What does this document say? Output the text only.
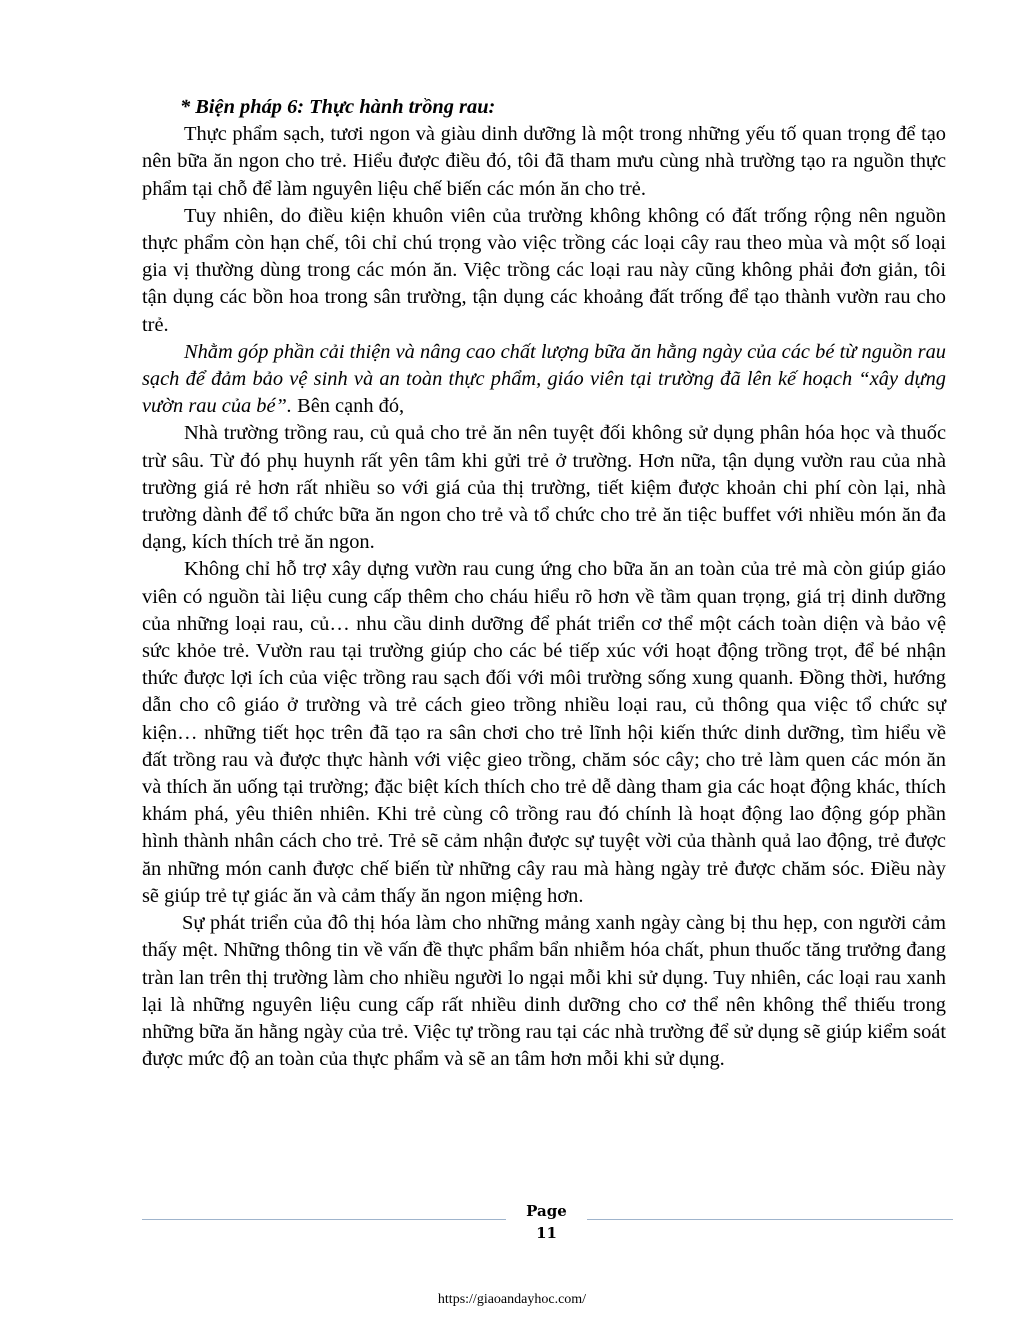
* Biện pháp 6: Thực hành trồng rau:

Thực phẩm sạch, tươi ngon và giàu dinh dưỡng là một trong những yếu tố quan trọng để tạo nên bữa ăn ngon cho trẻ. Hiểu được điều đó, tôi đã tham mưu cùng nhà trường tạo ra nguồn thực phẩm tại chỗ để làm nguyên liệu chế biến các món ăn cho trẻ.

Tuy nhiên, do điều kiện khuôn viên của trường không không có đất trống rộng nên nguồn thực phẩm còn hạn chế, tôi chỉ chú trọng vào việc trồng các loại cây rau theo mùa và một số loại gia vị thường dùng trong các món ăn. Việc trồng các loại rau này cũng không phải đơn giản, tôi tận dụng các bồn hoa trong sân trường, tận dụng các khoảng đất trống để tạo thành vườn rau cho trẻ.

Nhằm góp phần cải thiện và nâng cao chất lượng bữa ăn hằng ngày của các bé từ nguồn rau sạch để đảm bảo vệ sinh và an toàn thực phẩm, giáo viên tại trường đã lên kế hoạch “xây dựng vườn rau của bé”. Bên cạnh đó,

Nhà trường trồng rau, củ quả cho trẻ ăn nên tuyệt đối không sử dụng phân hóa học và thuốc trừ sâu. Từ đó phụ huynh rất yên tâm khi gửi trẻ ở trường. Hơn nữa, tận dụng vườn rau của nhà trường giá rẻ hơn rất nhiều so với giá của thị trường, tiết kiệm được khoản chi phí còn lại, nhà trường dành để tổ chức bữa ăn ngon cho trẻ và tổ chức cho trẻ ăn tiệc buffet với nhiều món ăn đa dạng, kích thích trẻ ăn ngon.

Không chỉ hỗ trợ xây dựng vườn rau cung ứng cho bữa ăn an toàn của trẻ mà còn giúp giáo viên có nguồn tài liệu cung cấp thêm cho cháu hiểu rõ hơn về tầm quan trọng, giá trị dinh dưỡng của những loại rau, củ… nhu cầu dinh dưỡng để phát triển cơ thể một cách toàn diện và bảo vệ sức khỏe trẻ. Vườn rau tại trường giúp cho các bé tiếp xúc với hoạt động trồng trọt, để bé nhận thức được lợi ích của việc trồng rau sạch đối với môi trường sống xung quanh. Đồng thời, hướng dẫn cho cô giáo ở trường và trẻ cách gieo trồng nhiều loại rau, củ thông qua việc tổ chức sự kiện… những tiết học trên đã tạo ra sân chơi cho trẻ lĩnh hội kiến thức dinh dưỡng, tìm hiểu về đất trồng rau và được thực hành với việc gieo trồng, chăm sóc cây; cho trẻ làm quen các món ăn và thích ăn uống tại trường; đặc biệt kích thích cho trẻ dễ dàng tham gia các hoạt động khác, thích khám phá, yêu thiên nhiên. Khi trẻ cùng cô trồng rau đó chính là hoạt động lao động góp phần hình thành nhân cách cho trẻ. Trẻ sẽ cảm nhận được sự tuyệt vời của thành quả lao động, trẻ được ăn những món canh được chế biến từ những cây rau mà hàng ngày trẻ được chăm sóc. Điều này sẽ giúp trẻ tự giác ăn và cảm thấy ăn ngon miệng hơn.

Sự phát triển của đô thị hóa làm cho những mảng xanh ngày càng bị thu hẹp, con người cảm thấy mệt. Những thông tin về vấn đề thực phẩm bẩn nhiễm hóa chất, phun thuốc tăng trưởng đang tràn lan trên thị trường làm cho nhiều người lo ngại mỗi khi sử dụng. Tuy nhiên, các loại rau xanh lại là những nguyên liệu cung cấp rất nhiều dinh dưỡng cho cơ thể nên không thể thiếu trong những bữa ăn hằng ngày của trẻ. Việc tự trồng rau tại các nhà trường để sử dụng sẽ giúp kiểm soát được mức độ an toàn của thực phẩm và sẽ an tâm hơn mỗi khi sử dụng.

Page
11
https://giaoandayhoc.com/
